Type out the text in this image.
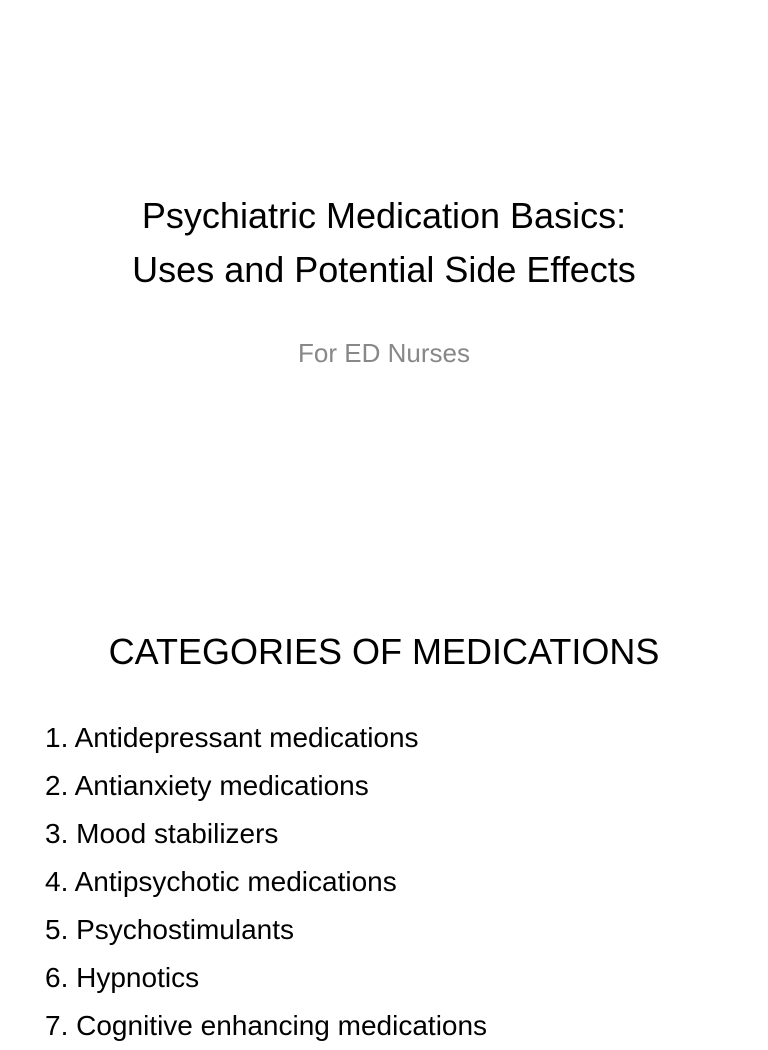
Psychiatric Medication Basics:
Uses and Potential Side Effects

For ED Nurses

CATEGORIES OF MEDICATIONS
1. Antidepressant medications
2. Antianxiety medications
3. Mood stabilizers
4. Antipsychotic medications
5. Psychostimulants
6. Hypnotics
7. Cognitive enhancing medications
